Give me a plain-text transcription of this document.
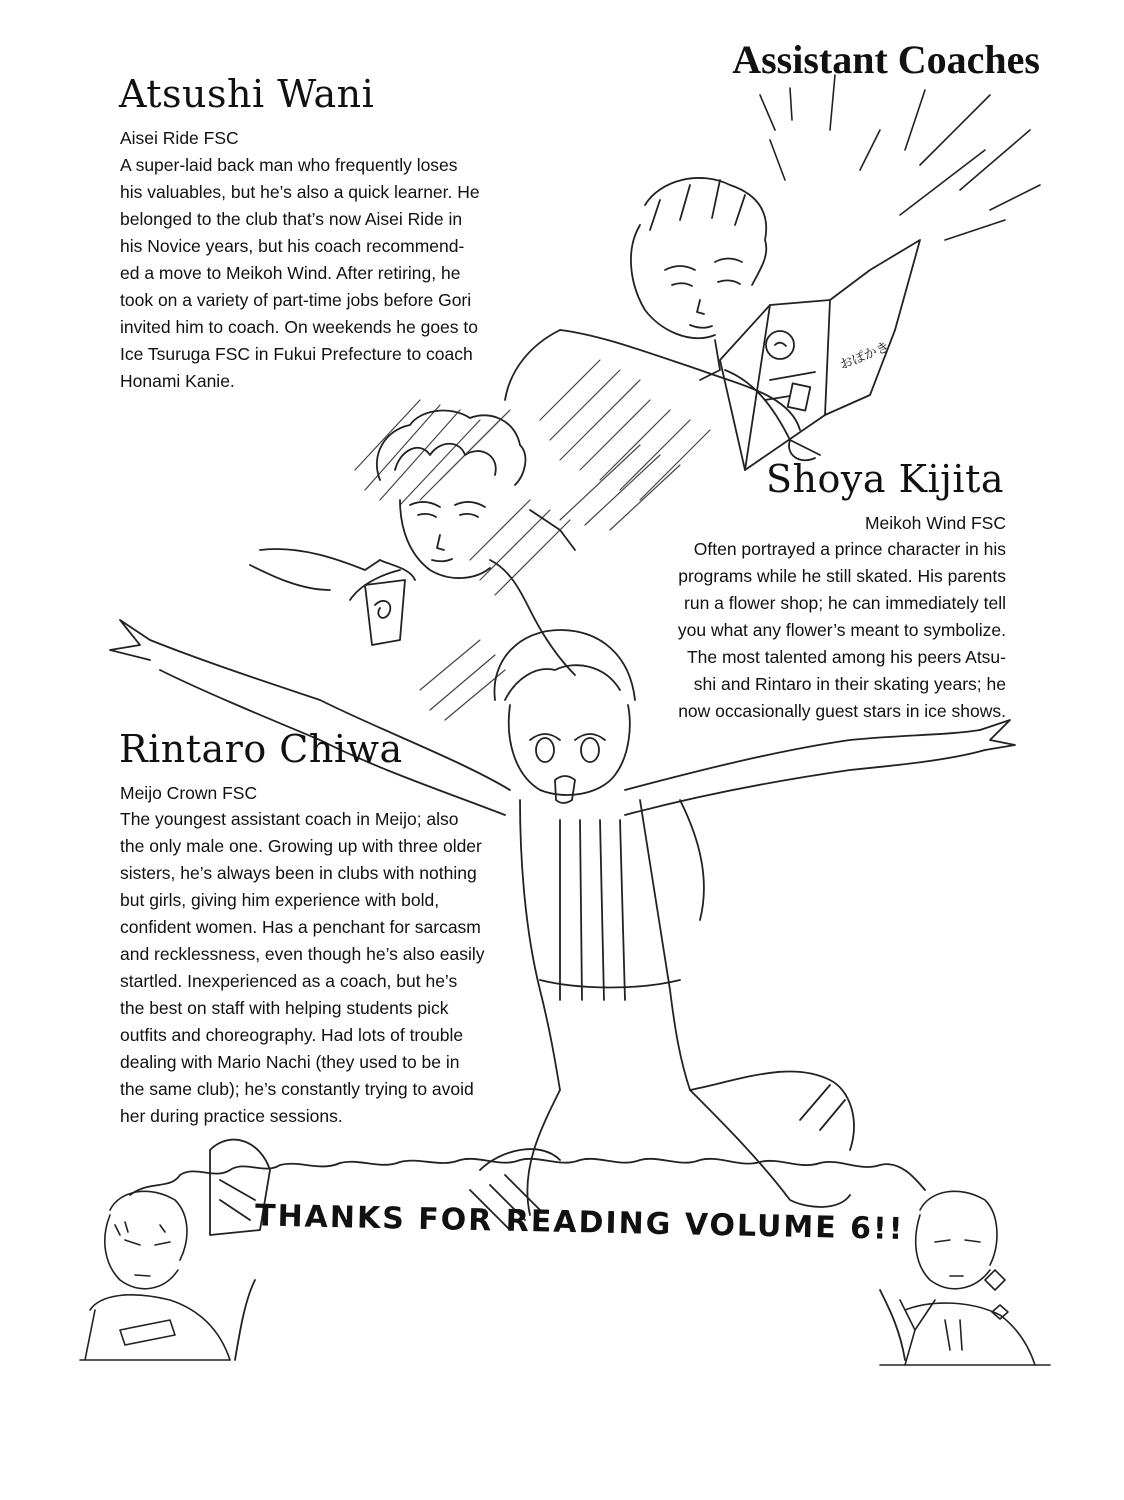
おぽかき
Assistant Coaches
Atsushi Wani
Aisei Ride FSC
A super-laid back man who frequently loses
his valuables, but he’s also a quick learner. He
belonged to the club that’s now Aisei Ride in
his Novice years, but his coach recommend-
ed a move to Meikoh Wind. After retiring, he
took on a variety of part-time jobs before Gori
invited him to coach. On weekends he goes to
Ice Tsuruga FSC in Fukui Prefecture to coach
Honami Kanie.
Shoya Kijita
Meikoh Wind FSC
Often portrayed a prince character in his
programs while he still skated. His parents
run a flower shop; he can immediately tell
you what any flower’s meant to symbolize.
The most talented among his peers Atsu-
shi and Rintaro in their skating years; he
now occasionally guest stars in ice shows.
Rintaro Chiwa
Meijo Crown FSC
The youngest assistant coach in Meijo; also
the only male one. Growing up with three older
sisters, he’s always been in clubs with nothing
but girls, giving him experience with bold,
confident women. Has a penchant for sarcasm
and recklessness, even though he’s also easily
startled. Inexperienced as a coach, but he’s
the best on staff with helping students pick
outfits and choreography. Had lots of trouble
dealing with Mario Nachi (they used to be in
the same club); he’s constantly trying to avoid
her during practice sessions.
THANKS FOR READING VOLUME 6!!
